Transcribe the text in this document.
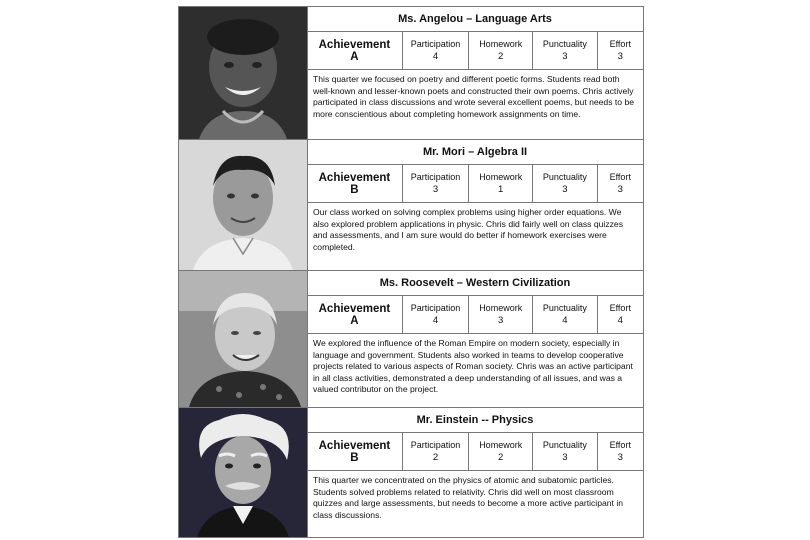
Ms. Angelou – Language Arts
Achievement
A
Participation
4
Homework
2
Punctuality
3
Effort
3
This quarter we focused on poetry and different poetic forms. Students read both well-known and lesser-known poets and constructed their own poems. Chris actively participated in class discussions and wrote several excellent poems, but needs to be more conscientious about completing homework assignments on time.
Mr. Mori – Algebra II
Achievement
B
Participation
3
Homework
1
Punctuality
3
Effort
3
Our class worked on solving complex problems using higher order equations. We also explored problem applications in physic. Chris did fairly well on class quizzes and assessments, and I am sure would do better if homework exercises were completed.
Ms. Roosevelt – Western Civilization
Achievement
A
Participation
4
Homework
3
Punctuality
4
Effort
4
We explored the influence of the Roman Empire on modern society, especially in language and government. Students also worked in teams to develop cooperative projects related to various aspects of Roman society. Chris was an active participant in all class activities, demonstrated a deep understanding of all issues, and was a valued contributor on the project.
Mr. Einstein -- Physics
Achievement
B
Participation
2
Homework
2
Punctuality
3
Effort
3
This quarter we concentrated on the physics of atomic and subatomic particles. Students solved problems related to relativity. Chris did well on most classroom quizzes and large assessments, but needs to become a more active participant in class discussions.
